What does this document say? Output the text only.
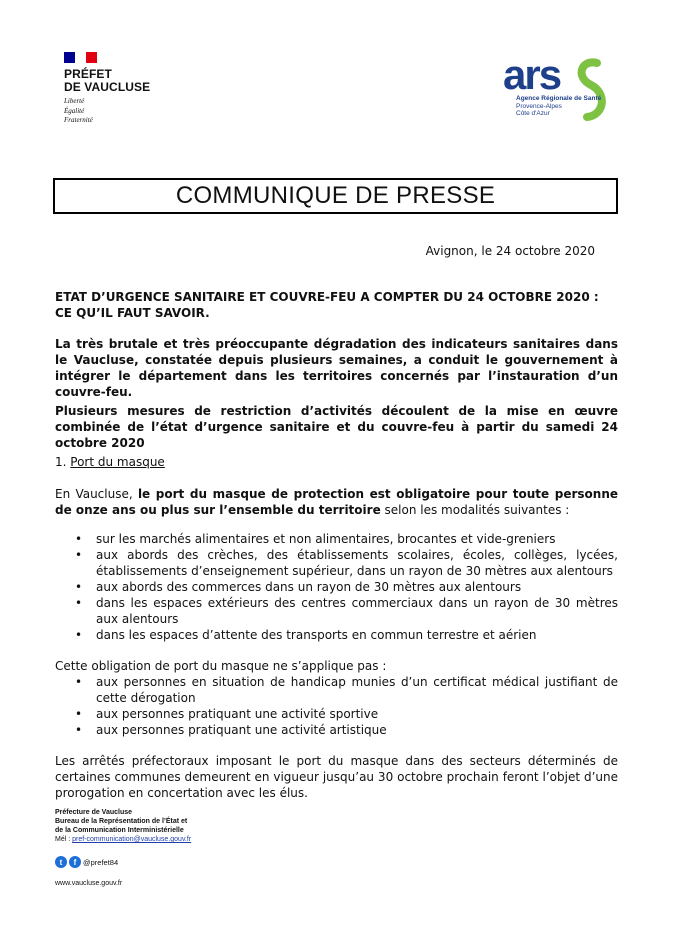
PRÉFET
DE VAUCLUSE
Liberté
Égalité
Fraternité
ars
Agence Régionale de Santé
Provence-Alpes
Côte d'Azur
COMMUNIQUE DE PRESSE
Avignon, le 24 octobre 2020
ETAT D’URGENCE SANITAIRE ET COUVRE-FEU A COMPTER DU 24 OCTOBRE 2020 : CE QU’IL FAUT SAVOIR.
La très brutale et très préoccupante dégradation des indicateurs sanitaires dans le Vaucluse, constatée depuis plusieurs semaines, a conduit le gouvernement à intégrer le département dans les territoires concernés par l’instauration d’un couvre-feu.
Plusieurs mesures de restriction d’activités découlent de la mise en œuvre combinée de l’état d’urgence sanitaire et du couvre-feu à partir du samedi 24 octobre 2020
1. Port du masque
En Vaucluse, le port du masque de protection est obligatoire pour toute personne de onze ans ou plus sur l’ensemble du territoire selon les modalités suivantes :
• sur les marchés alimentaires et non alimentaires, brocantes et vide-greniers
• aux abords des crèches, des établissements scolaires, écoles, collèges, lycées, établissements d’enseignement supérieur, dans un rayon de 30 mètres aux alentours
• aux abords des commerces dans un rayon de 30 mètres aux alentours
• dans les espaces extérieurs des centres commerciaux dans un rayon de 30 mètres aux alentours
• dans les espaces d’attente des transports en commun terrestre et aérien
Cette obligation de port du masque ne s’applique pas :
• aux personnes en situation de handicap munies d’un certificat médical justifiant de cette dérogation
• aux personnes pratiquant une activité sportive
• aux personnes pratiquant une activité artistique
Les arrêtés préfectoraux imposant le port du masque dans des secteurs déterminés de certaines communes demeurent en vigueur jusqu’au 30 octobre prochain feront l’objet d’une prorogation en concertation avec les élus.
Préfecture de Vaucluse
Bureau de la Représentation de l’État et
de la Communication Interministérielle
Mél : pref-communication@vaucluse.gouv.fr
t	f @prefet84
www.vaucluse.gouv.fr
